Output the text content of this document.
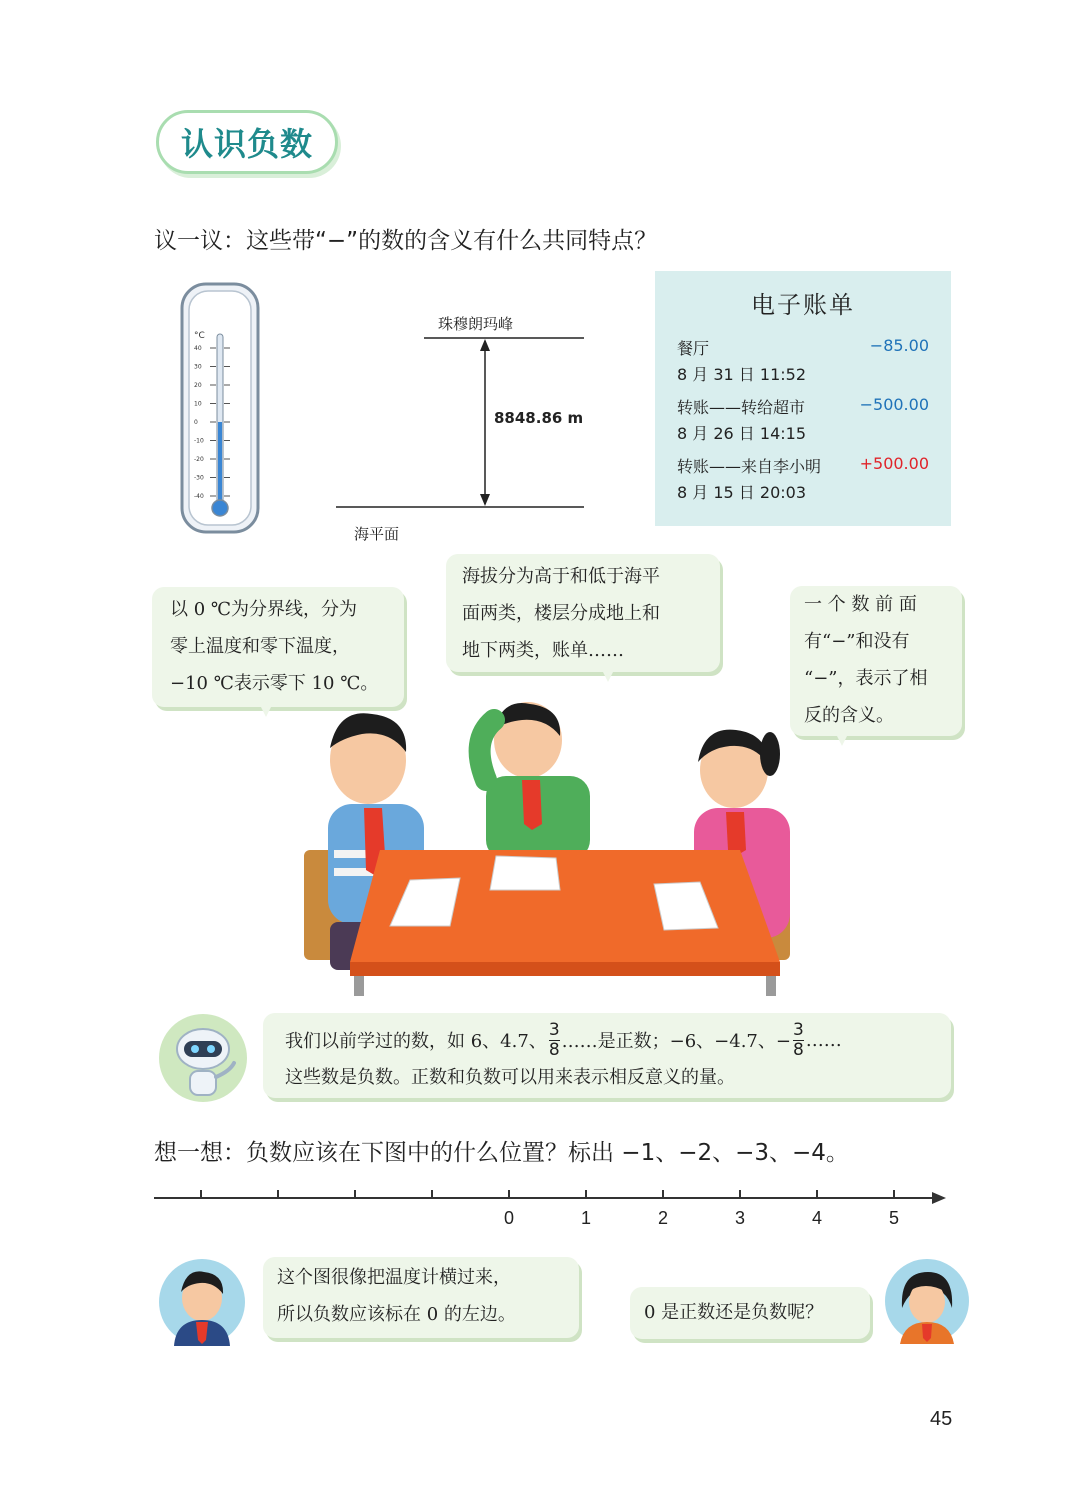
认识负数
议一议：这些带“−”的数的含义有什么共同特点？
40
30
20
10
0
-10
-20
-30
-40
°C
珠穆朗玛峰
8848.86 m
海平面
电子账单
餐厅	−85.00
8 月 31 日 11:52
转账——转给超市	−500.00
8 月 26 日 14:15
转账——来自李小明 +500.00
8 月 15 日 20:03
以 0 ℃为分界线，分为
零上温度和零下温度，
−10 ℃表示零下 10 ℃。
海拔分为高于和低于海平
面两类，楼层分成地上和
地下两类，账单……
一 个 数 前 面
有“−”和没有
“−”，表示了相
反的含义。
我们以前学过的数，如 6、4.7、 $\frac{3}{8}$ ……是正数；−6、−4.7、− $\frac{3}{8}$ ……
这些数是负数。正数和负数可以用来表示相反意义的量。
想一想：负数应该在下图中的什么位置？标出 −1、−2、−3、−4。
0	1	2	3	4	5
这个图很像把温度计横过来，
所以负数应该标在 0 的左边。	0 是正数还是负数呢？
45
